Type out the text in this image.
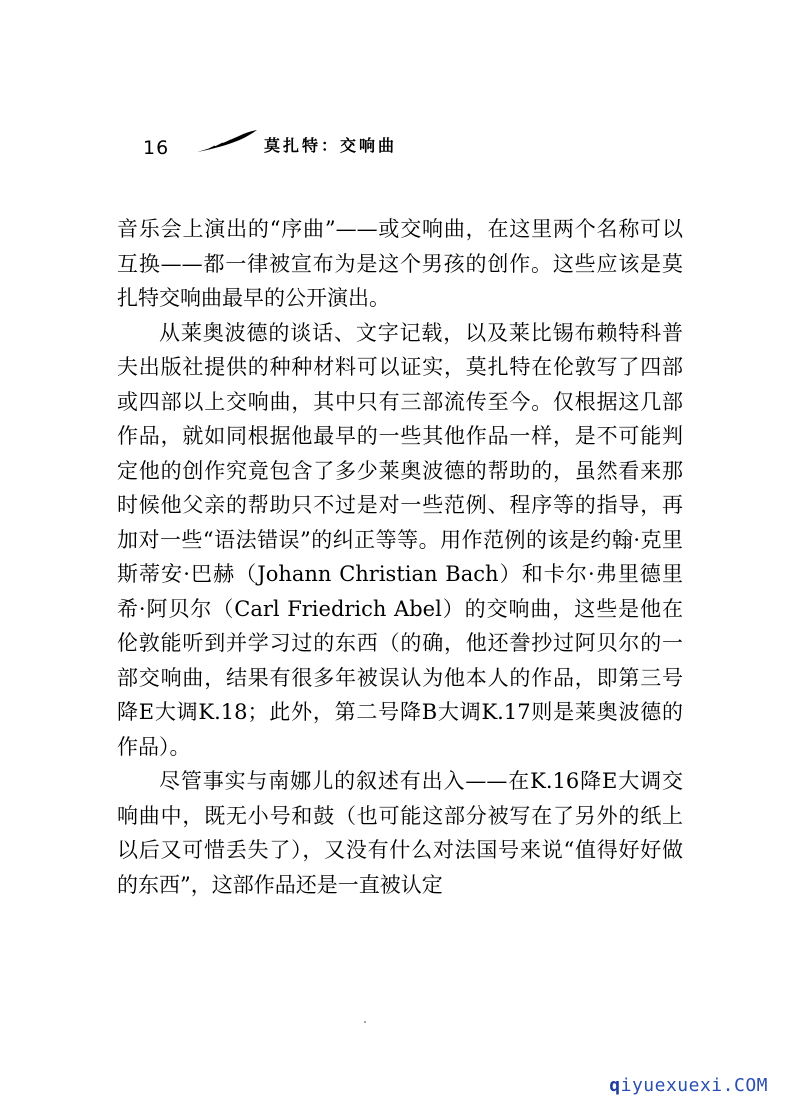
16	莫扎特：交响曲

音乐会上演出的“序曲”——或交响曲，在这里两个名称可以互换——都一律被宣布为是这个男孩的创作。这些应该是莫扎特交响曲最早的公开演出。

从莱奥波德的谈话、文字记载，以及莱比锡布赖特科普夫出版社提供的种种材料可以证实，莫扎特在伦敦写了四部或四部以上交响曲，其中只有三部流传至今。仅根据这几部作品，就如同根据他最早的一些其他作品一样，是不可能判定他的创作究竟包含了多少莱奥波德的帮助的，虽然看来那时候他父亲的帮助只不过是对一些范例、程序等的指导，再加对一些“语法错误”的纠正等等。用作范例的该是约翰·克里斯蒂安·巴赫（Johann Christian Bach）和卡尔·弗里德里希·阿贝尔（Carl Friedrich Abel）的交响曲，这些是他在伦敦能听到并学习过的东西（的确，他还誊抄过阿贝尔的一部交响曲，结果有很多年被误认为他本人的作品，即第三号降E大调K.18；此外，第二号降B大调K.17则是莱奥波德的作品）。

尽管事实与南娜儿的叙述有出入——在K.16降E大调交响曲中，既无小号和鼓（也可能这部分被写在了另外的纸上以后又可惜丢失了），又没有什么对法国号来说“值得好好做的东西”，这部作品还是一直被认定

qiyuexuexi.COM
